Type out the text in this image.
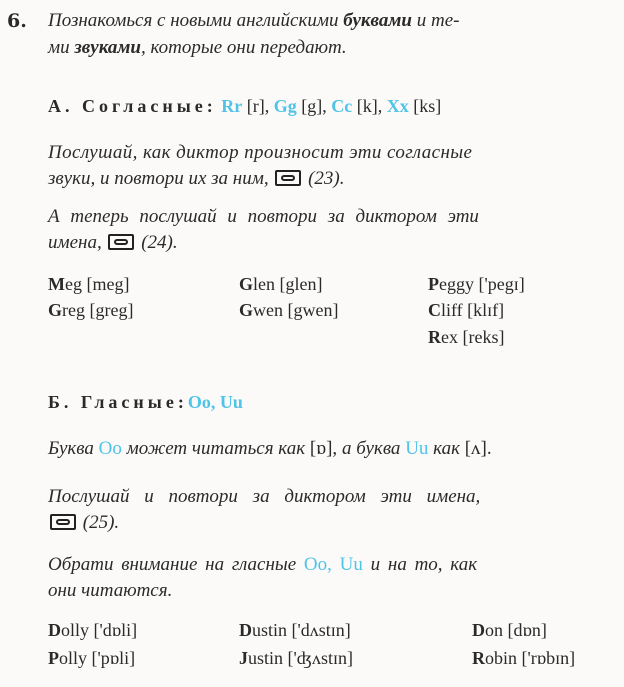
6. Познакомься с новыми английскими буквами и те-
ми звуками, которые они передают.
А. Согласные: Rr [r], Gg [g], Cc [k], Xx [ks]
Послушай, как диктор произносит эти согласные
звуки, и повтори их за ним, (23).
А теперь послушай и повтори за диктором эти
имена, (24).
Meg [meg]
Greg [greg]
Glen [glen]
Gwen [gwen]
Peggy ['pegɪ]
Cliff [klɪf]
Rex [reks]
Б. Гласные:Oo, Uu
Буква Oo может читаться как [ɒ], а буква Uu как [ʌ].
Послушай и повтори за диктором эти имена,
(25).
Обрати внимание на гласные Oo, Uu и на то, как
они читаются.
Dolly ['dɒli]
Polly ['pɒli]
Dustin ['dʌstɪn]
Justin ['ʤʌstɪn]
Don [dɒn]
Robin ['rɒbɪn]
